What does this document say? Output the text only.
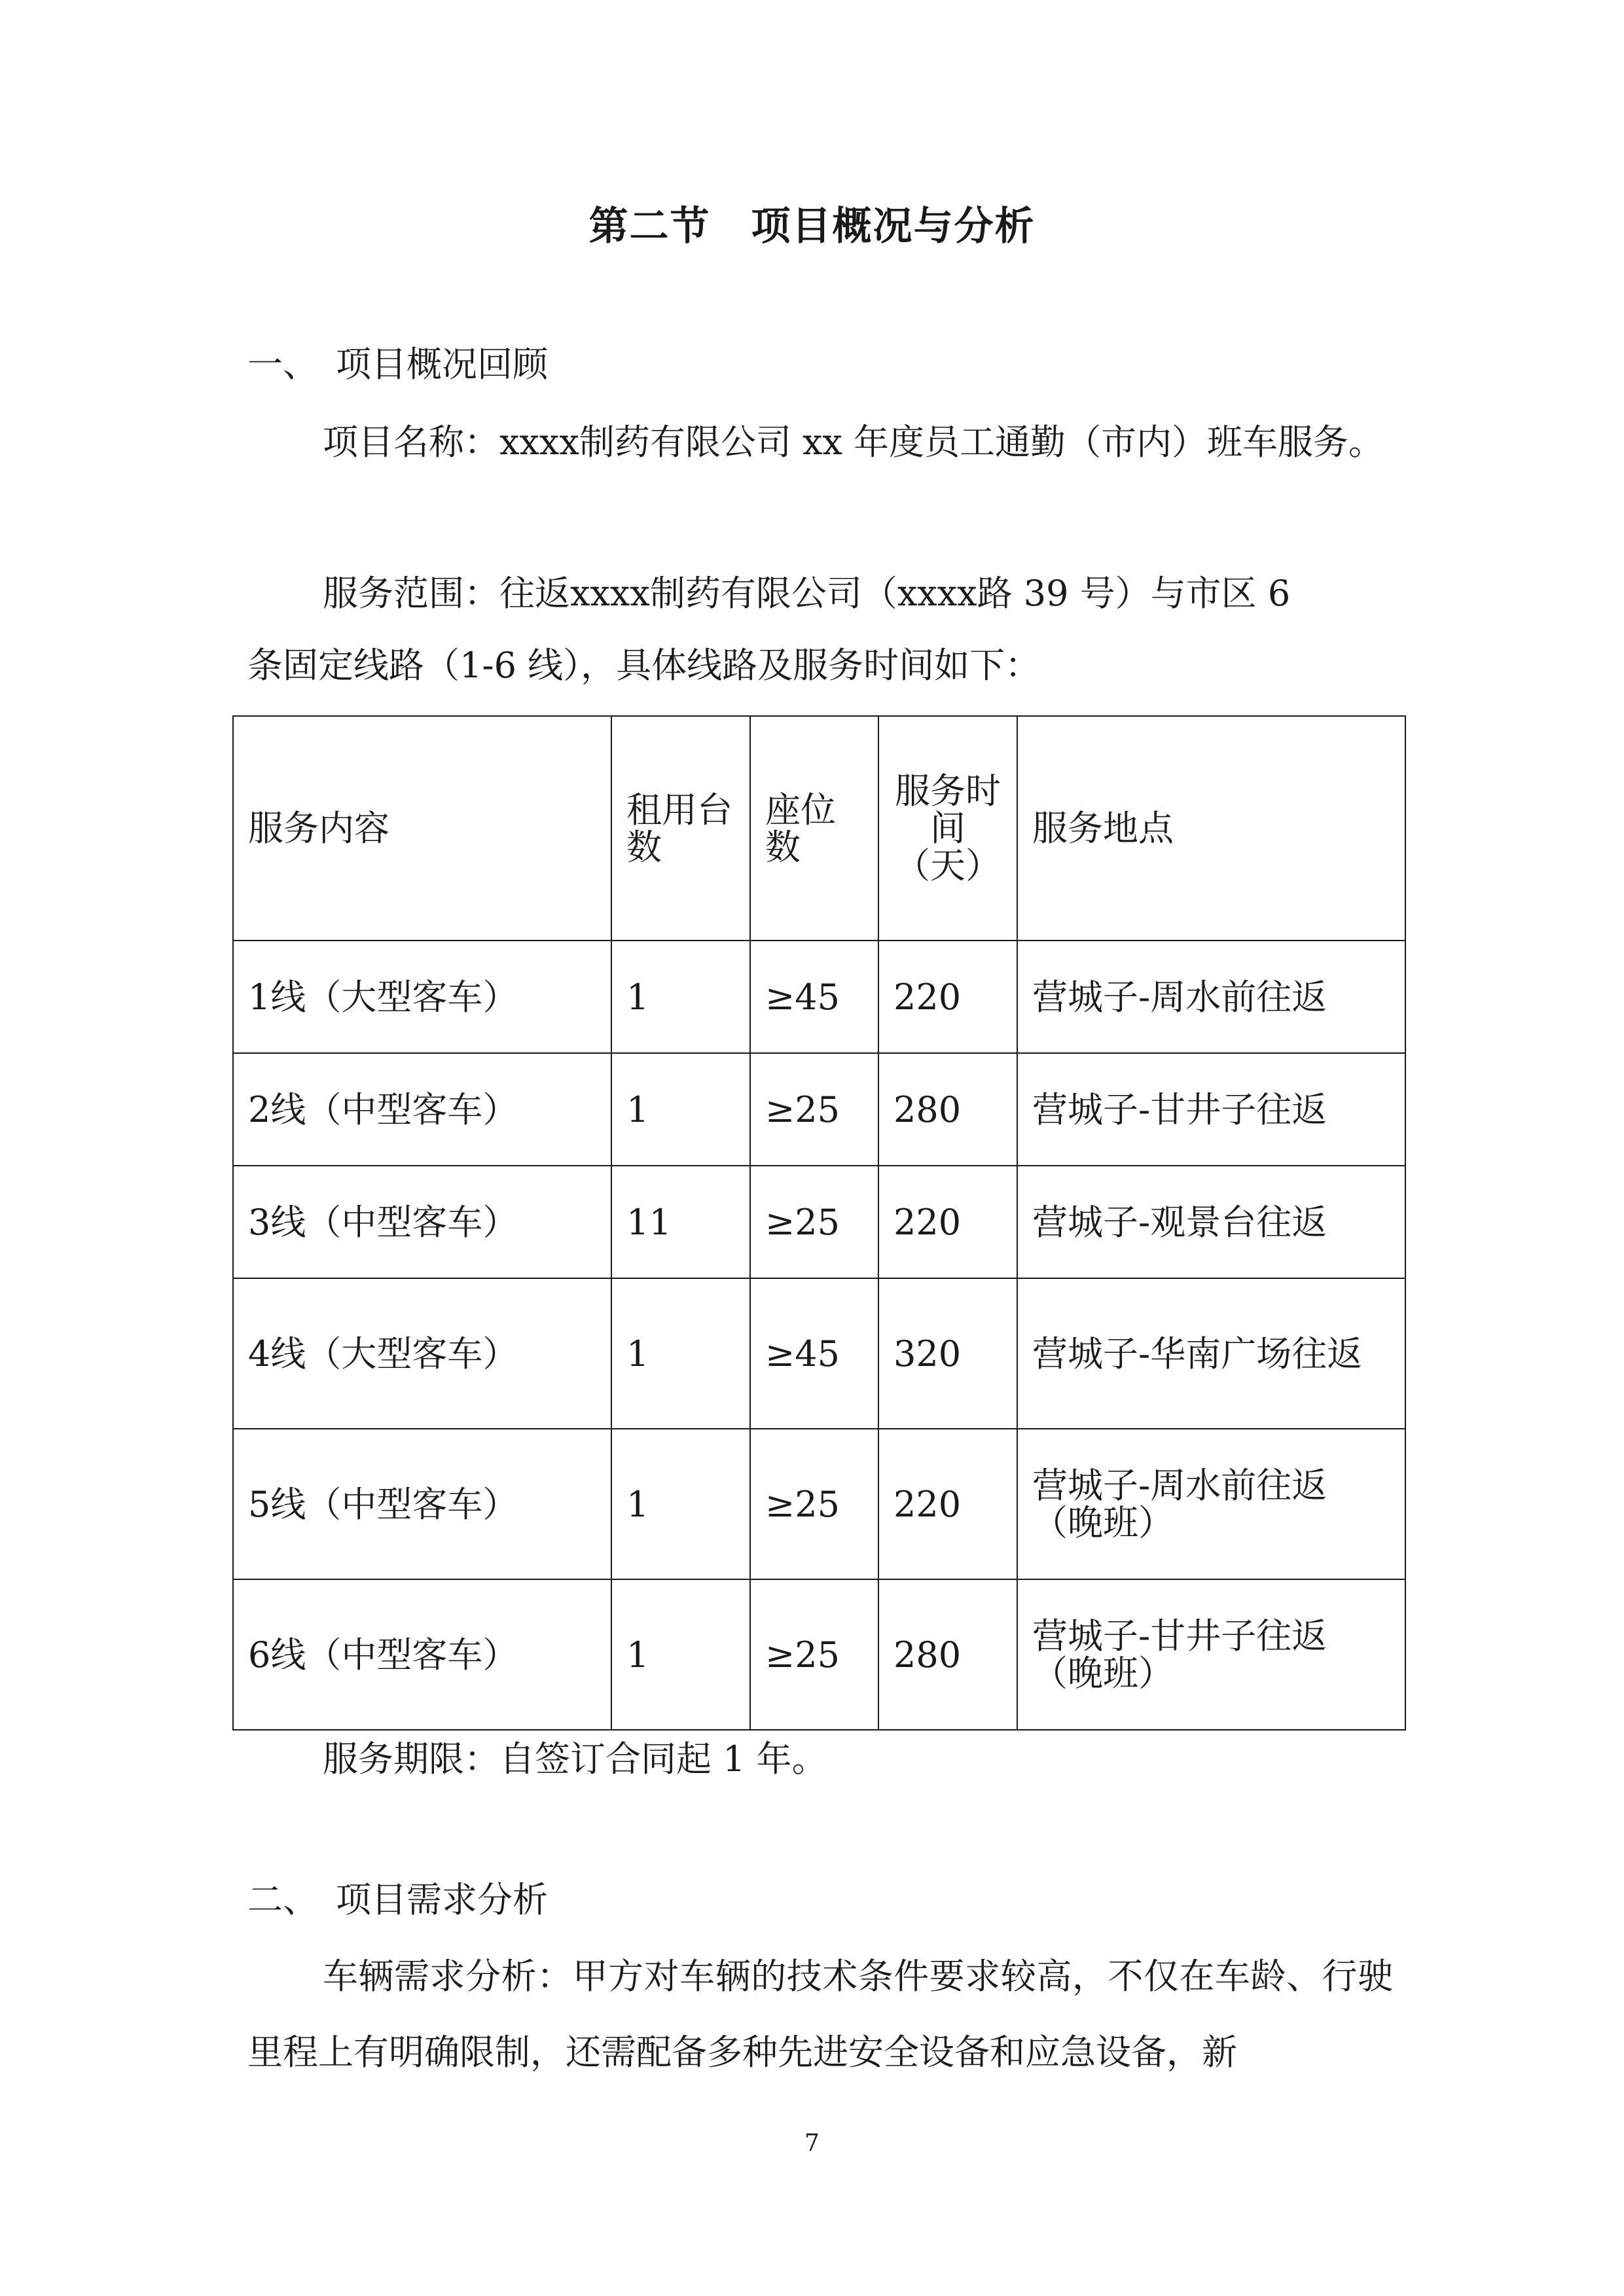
第二节　项目概况与分析
一、　项目概况回顾
项目名称：xxxx制药有限公司 xx 年度员工通勤（市内）班车服务。
服务范围：往返xxxx制药有限公司（xxxx路 39 号）与市区 6
条固定线路（1-6 线），具体线路及服务时间如下：
服务内容	租用台数	座位数	服务时间（天）	服务地点
1线（大型客车）	1	≥45	220	营城子-周水前往返
2线（中型客车）	1	≥25	280	营城子-甘井子往返
3线（中型客车）	11	≥25	220	营城子-观景台往返
4线（大型客车）	1	≥45	320	营城子-华南广场往返
5线（中型客车）	1	≥25	220	营城子-周水前往返（晚班）
6线（中型客车）	1	≥25	280	营城子-甘井子往返（晚班）
服务期限：自签订合同起 1 年。
二、　项目需求分析
车辆需求分析：甲方对车辆的技术条件要求较高，不仅在车龄、行驶里程上有明确限制，还需配备多种先进安全设备和应急设备，新
7
